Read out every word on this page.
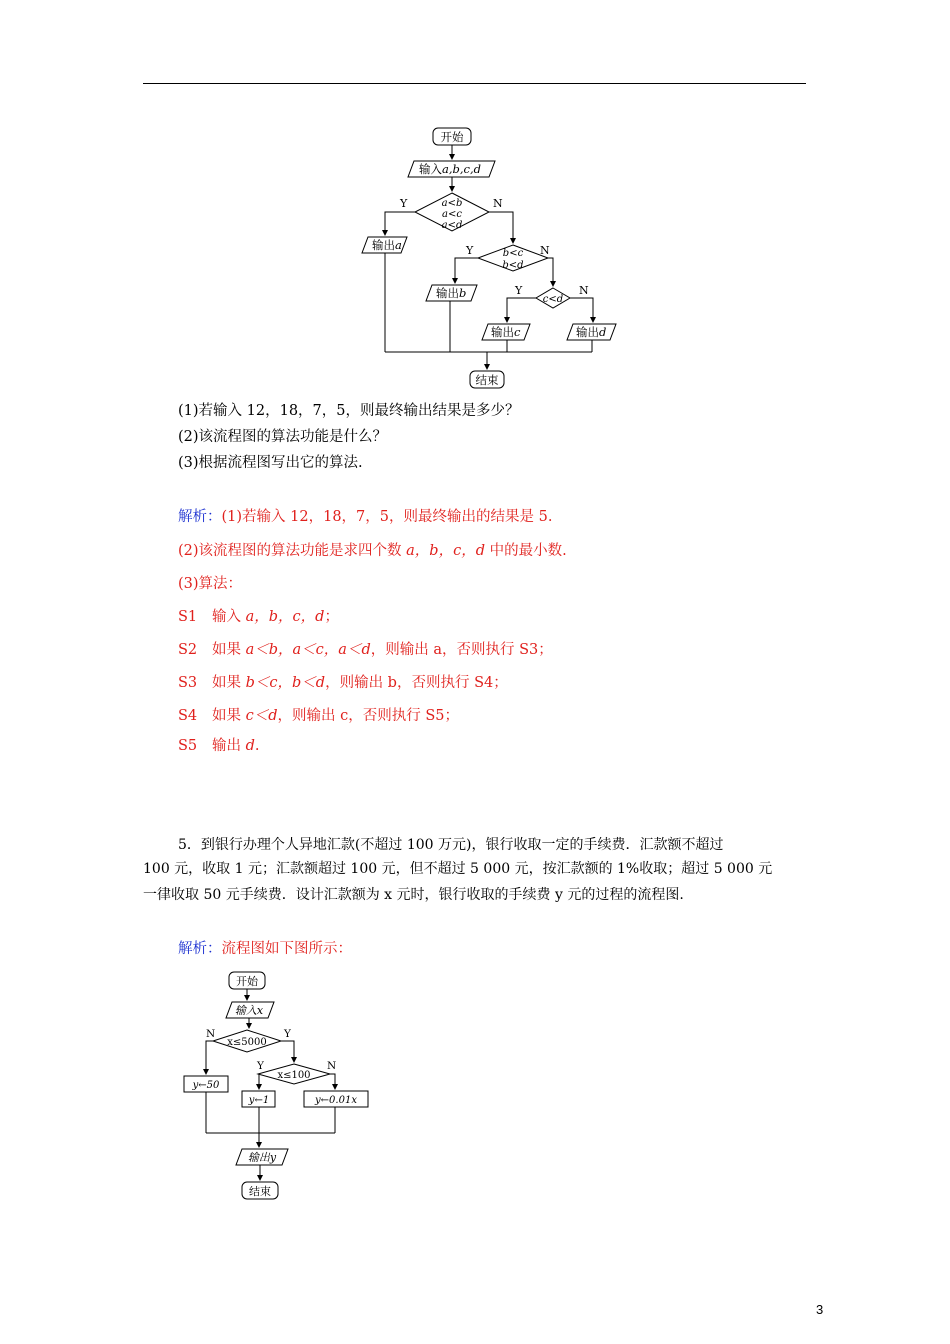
开始
输入a,b,c,d
a<b
a<c
a<d
Y	N
输出a
b<c
b<d
Y	N
输出b	c<d
Y	N
输出c	输出d
结束
(1)若输入 12，18，7，5，则最终输出结果是多少？
(2)该流程图的算法功能是什么？
(3)根据流程图写出它的算法.
解析：(1)若输入 12，18，7，5，则最终输出的结果是 5.
(2)该流程图的算法功能是求四个数 a，b，c，d 中的最小数.
(3)算法：
S1 输入 a，b，c，d；
S2 如果 a＜b，a＜c，a＜d，则输出 a，否则执行 S3；
S3 如果 b＜c，b＜d，则输出 b，否则执行 S4；
S4 如果 c＜d，则输出 c，否则执行 S5；
S5 输出 d.
5．到银行办理个人异地汇款(不超过 100 万元)，银行收取一定的手续费．汇款额不超过
100 元，收取 1 元；汇款额超过 100 元，但不超过 5 000 元，按汇款额的 1%收取；超过 5 000 元
一律收取 50 元手续费．设计汇款额为 x 元时，银行收取的手续费 y 元的过程的流程图.
解析：流程图如下图所示：
开始
输入x
x≤5000
N	Y
y←50
x≤100
Y	N
y←1	y←0.01x
输出y
结束
3
